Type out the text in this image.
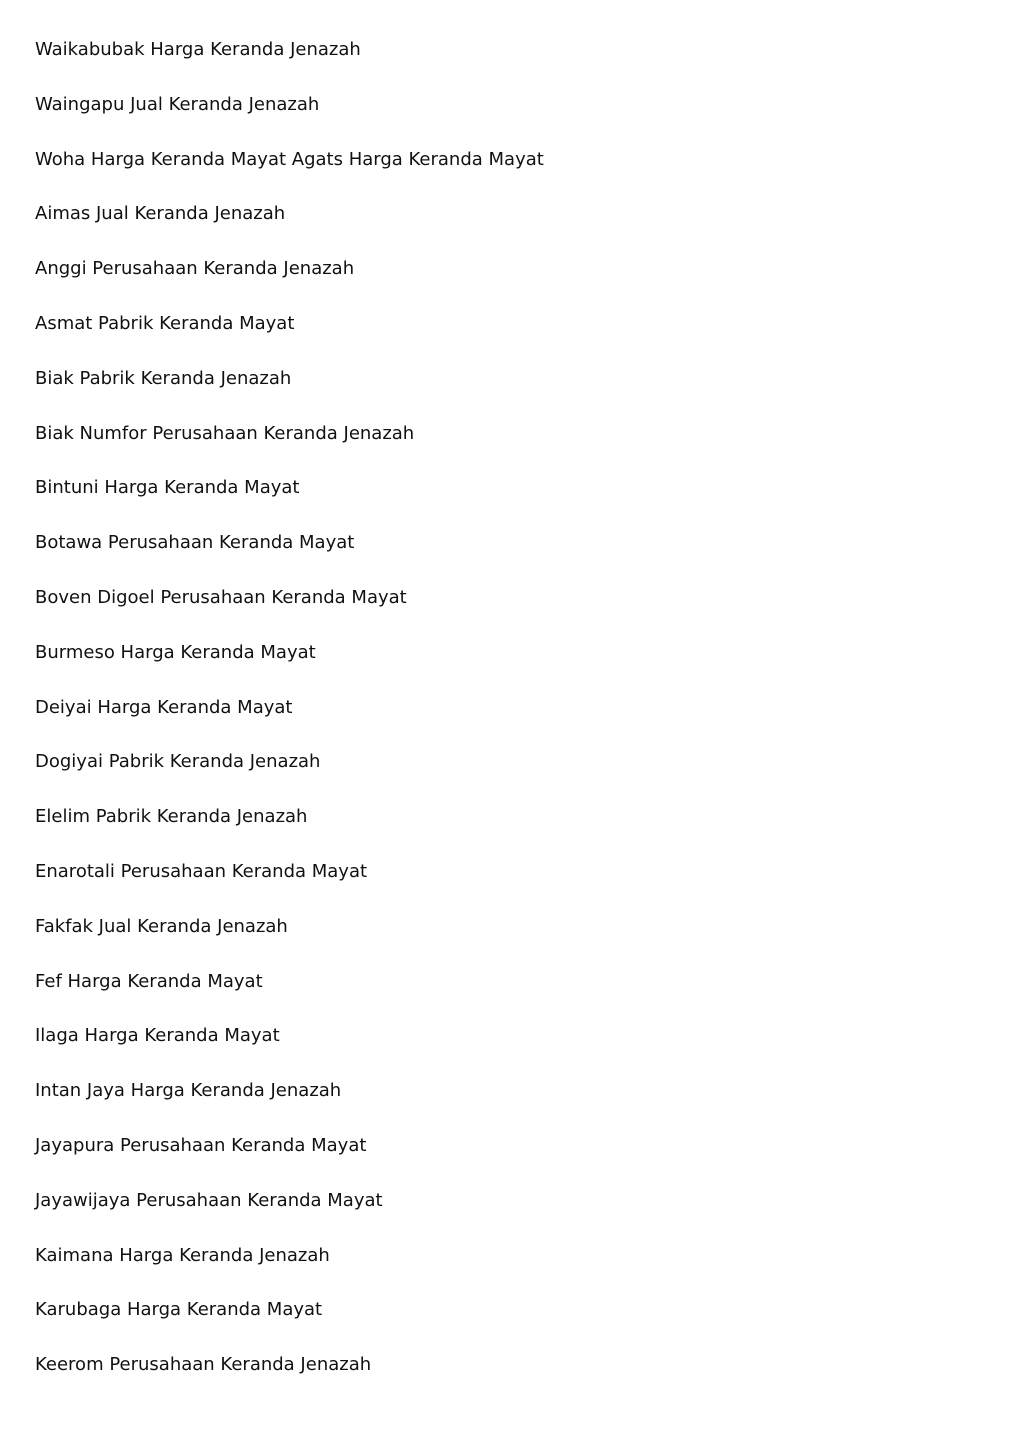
Waikabubak Harga Keranda Jenazah
Waingapu Jual Keranda Jenazah
Woha Harga Keranda Mayat Agats Harga Keranda Mayat
Aimas Jual Keranda Jenazah
Anggi Perusahaan Keranda Jenazah
Asmat Pabrik Keranda Mayat
Biak Pabrik Keranda Jenazah
Biak Numfor Perusahaan Keranda Jenazah
Bintuni Harga Keranda Mayat
Botawa Perusahaan Keranda Mayat
Boven Digoel Perusahaan Keranda Mayat
Burmeso Harga Keranda Mayat
Deiyai Harga Keranda Mayat
Dogiyai Pabrik Keranda Jenazah
Elelim Pabrik Keranda Jenazah
Enarotali Perusahaan Keranda Mayat
Fakfak Jual Keranda Jenazah
Fef Harga Keranda Mayat
Ilaga Harga Keranda Mayat
Intan Jaya Harga Keranda Jenazah
Jayapura Perusahaan Keranda Mayat
Jayawijaya Perusahaan Keranda Mayat
Kaimana Harga Keranda Jenazah
Karubaga Harga Keranda Mayat
Keerom Perusahaan Keranda Jenazah
